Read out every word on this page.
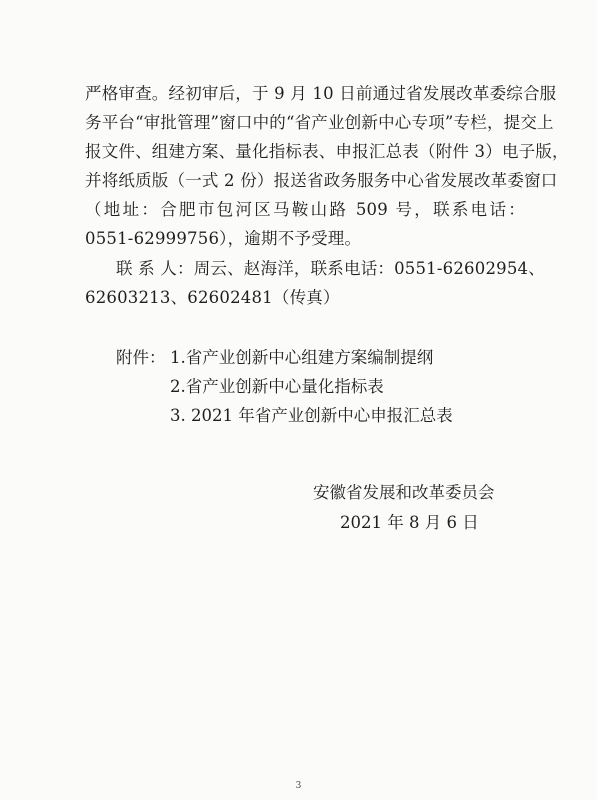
严格审查。经初审后，于 9 月 10 日前通过省发展改革委综合服
务平台“审批管理”窗口中的“省产业创新中心专项”专栏，提交上
报文件、组建方案、量化指标表、申报汇总表（附件 3）电子版，
并将纸质版（一式 2 份）报送省政务服务中心省发展改革委窗口
（地址：合肥市包河区马鞍山路 509 号，联系电话：
0551-62999756），逾期不予受理。
联 系 人：周云、赵海洋，联系电话：0551-62602954、
62603213、62602481（传真）
附件： 1.省产业创新中心组建方案编制提纲
2.省产业创新中心量化指标表
3. 2021 年省产业创新中心申报汇总表
安徽省发展和改革委员会
2021 年 8 月 6 日
3
